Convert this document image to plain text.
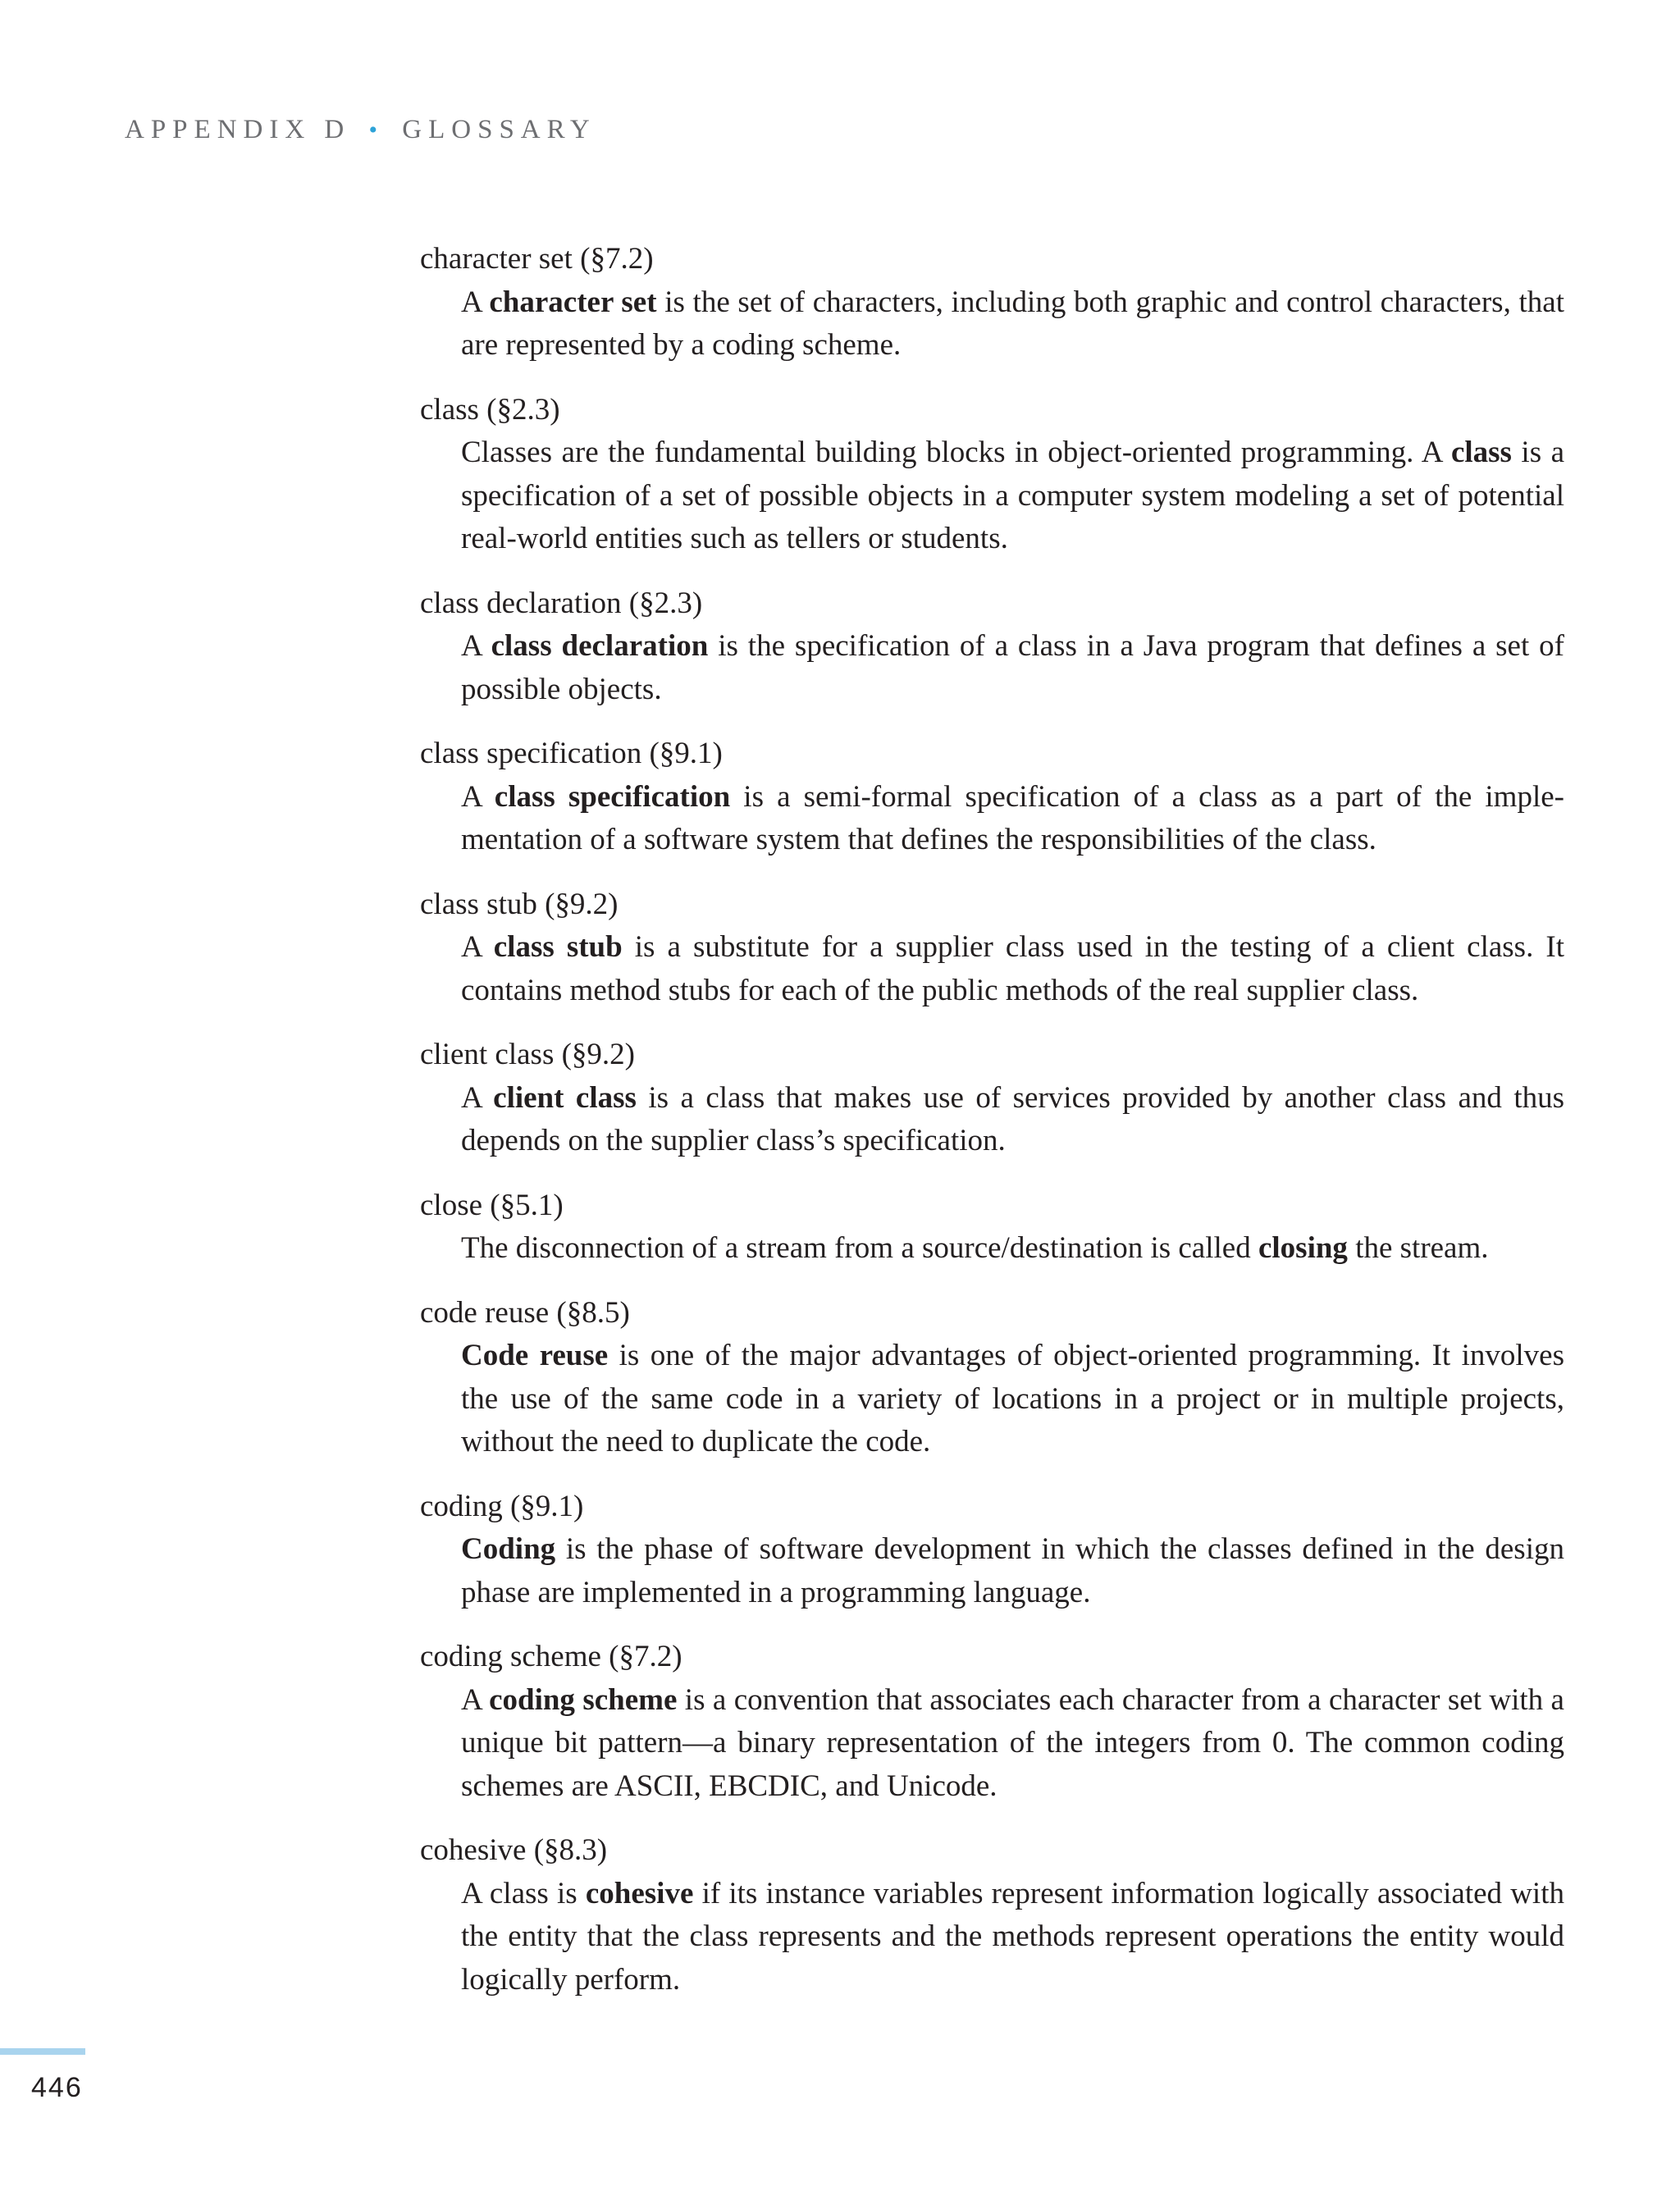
APPENDIX D • GLOSSARY
character set (§7.2)
A character set is the set of characters, including both graphic and control characters, that are represented by a coding scheme.
class (§2.3)
Classes are the fundamental building blocks in object-oriented programming. A class is a specification of a set of possible objects in a computer system modeling a set of potential real-world entities such as tellers or students.
class declaration (§2.3)
A class declaration is the specification of a class in a Java program that defines a set of possible objects.
class specification (§9.1)
A class specification is a semi-formal specification of a class as a part of the implementation of a software system that defines the responsibilities of the class.
class stub (§9.2)
A class stub is a substitute for a supplier class used in the testing of a client class. It contains method stubs for each of the public methods of the real supplier class.
client class (§9.2)
A client class is a class that makes use of services provided by another class and thus depends on the supplier class’s specification.
close (§5.1)
The disconnection of a stream from a source/destination is called closing the stream.
code reuse (§8.5)
Code reuse is one of the major advantages of object-oriented programming. It involves the use of the same code in a variety of locations in a project or in multiple projects, without the need to duplicate the code.
coding (§9.1)
Coding is the phase of software development in which the classes defined in the design phase are implemented in a programming language.
coding scheme (§7.2)
A coding scheme is a convention that associates each character from a character set with a unique bit pattern—a binary representation of the integers from 0. The common coding schemes are ASCII, EBCDIC, and Unicode.
cohesive (§8.3)
A class is cohesive if its instance variables represent information logically associated with the entity that the class represents and the methods represent operations the entity would logically perform.
446
